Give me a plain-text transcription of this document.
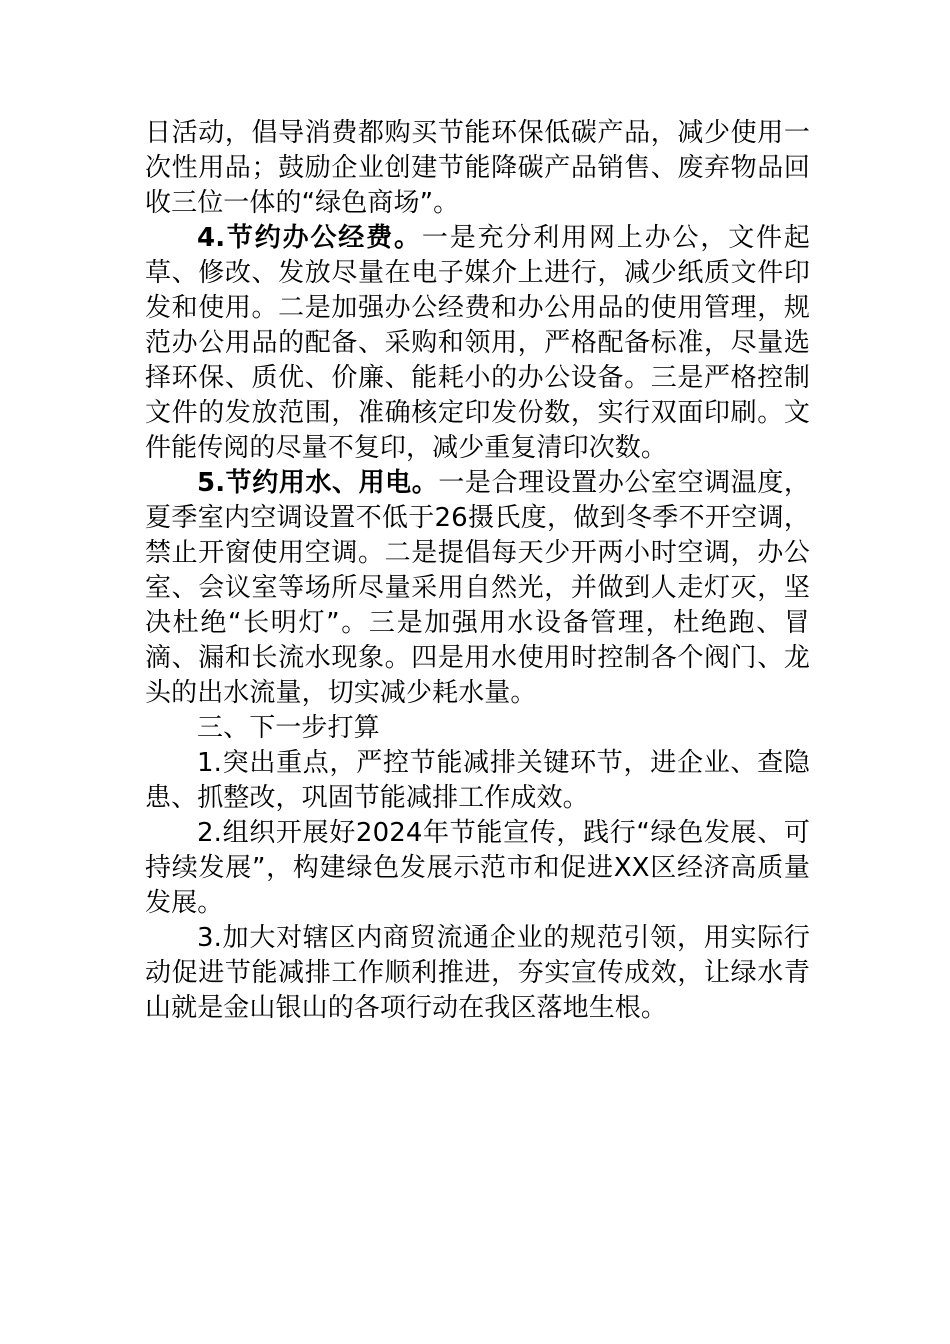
日活动，倡导消费都购买节能环保低碳产品，减少使用一次性用品；鼓励企业创建节能降碳产品销售、废弃物品回收三位一体的“绿色商场”。

4.节约办公经费。一是充分利用网上办公，文件起草、修改、发放尽量在电子媒介上进行，减少纸质文件印发和使用。二是加强办公经费和办公用品的使用管理，规范办公用品的配备、采购和领用，严格配备标准，尽量选择环保、质优、价廉、能耗小的办公设备。三是严格控制文件的发放范围，准确核定印发份数，实行双面印刷。文件能传阅的尽量不复印，减少重复清印次数。

5.节约用水、用电。一是合理设置办公室空调温度，夏季室内空调设置不低于26摄氏度，做到冬季不开空调，禁止开窗使用空调。二是提倡每天少开两小时空调，办公室、会议室等场所尽量采用自然光，并做到人走灯灭，坚决杜绝“长明灯”。三是加强用水设备管理，杜绝跑、冒滴、漏和长流水现象。四是用水使用时控制各个阀门、龙头的出水流量，切实减少耗水量。

三、下一步打算

1.突出重点，严控节能减排关键环节，进企业、查隐患、抓整改，巩固节能减排工作成效。

2.组织开展好2024年节能宣传，践行“绿色发展、可持续发展”，构建绿色发展示范市和促进XX区经济高质量发展。

3.加大对辖区内商贸流通企业的规范引领，用实际行动促进节能减排工作顺利推进，夯实宣传成效，让绿水青山就是金山银山的各项行动在我区落地生根。
